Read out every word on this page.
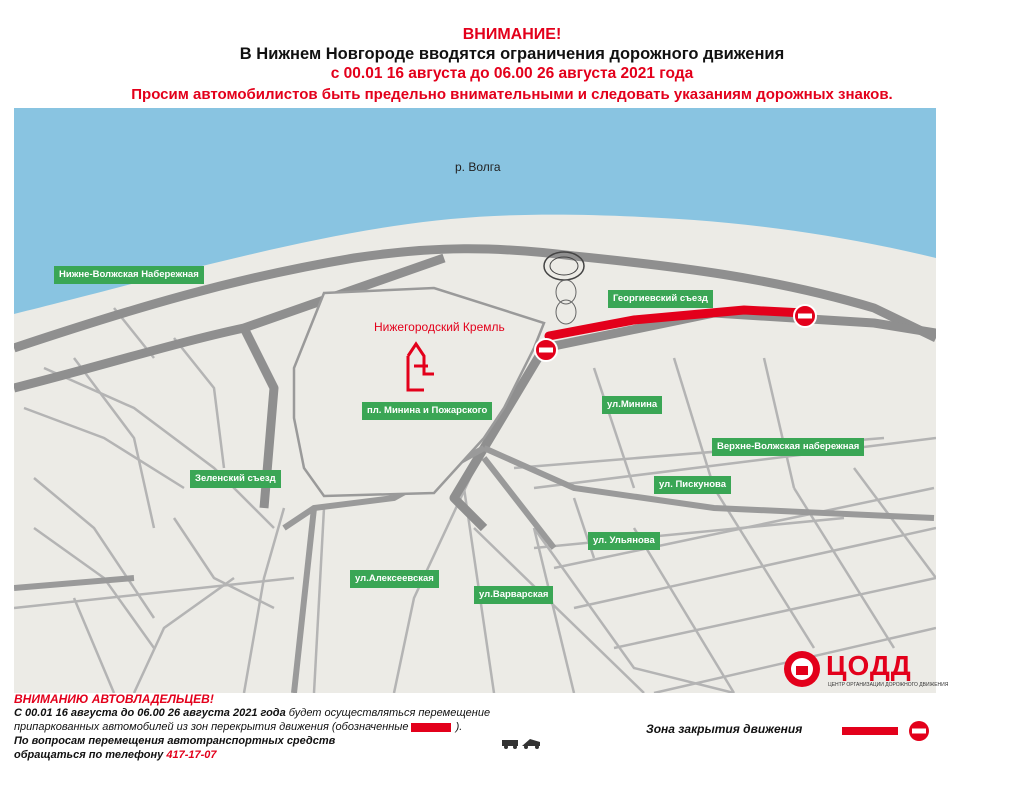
ВНИМАНИЕ!
В Нижнем Новгороде вводятся ограничения дорожного движения
с 00.01 16 августа до 06.00 26 августа 2021 года
Просим автомобилистов быть предельно внимательными и следовать указаниям дорожных знаков.
р. Волга
Нижегородский Кремль
Нижне-Волжская Набережная
Георгиевский съезд
пл. Минина и Пожарского
ул.Минина
Верхне-Волжская набережная
Зеленский съезд
ул. Пискунова
ул. Ульянова
ул.Алексеевская
ул.Варварская
ЦОДД
ЦЕНТР ОРГАНИЗАЦИИ ДОРОЖНОГО ДВИЖЕНИЯ
ВНИМАНИЮ АВТОВЛАДЕЛЬЦЕВ!
С 00.01 16 августа до 06.00 26 августа 2021 года будет осуществляться перемещение
припаркованных автомобилей из зон перекрытия движения (обозначенные	).
По вопросам перемещения автотранспортных средств
обращаться по телефону 417-17-07
Зона закрытия движения
